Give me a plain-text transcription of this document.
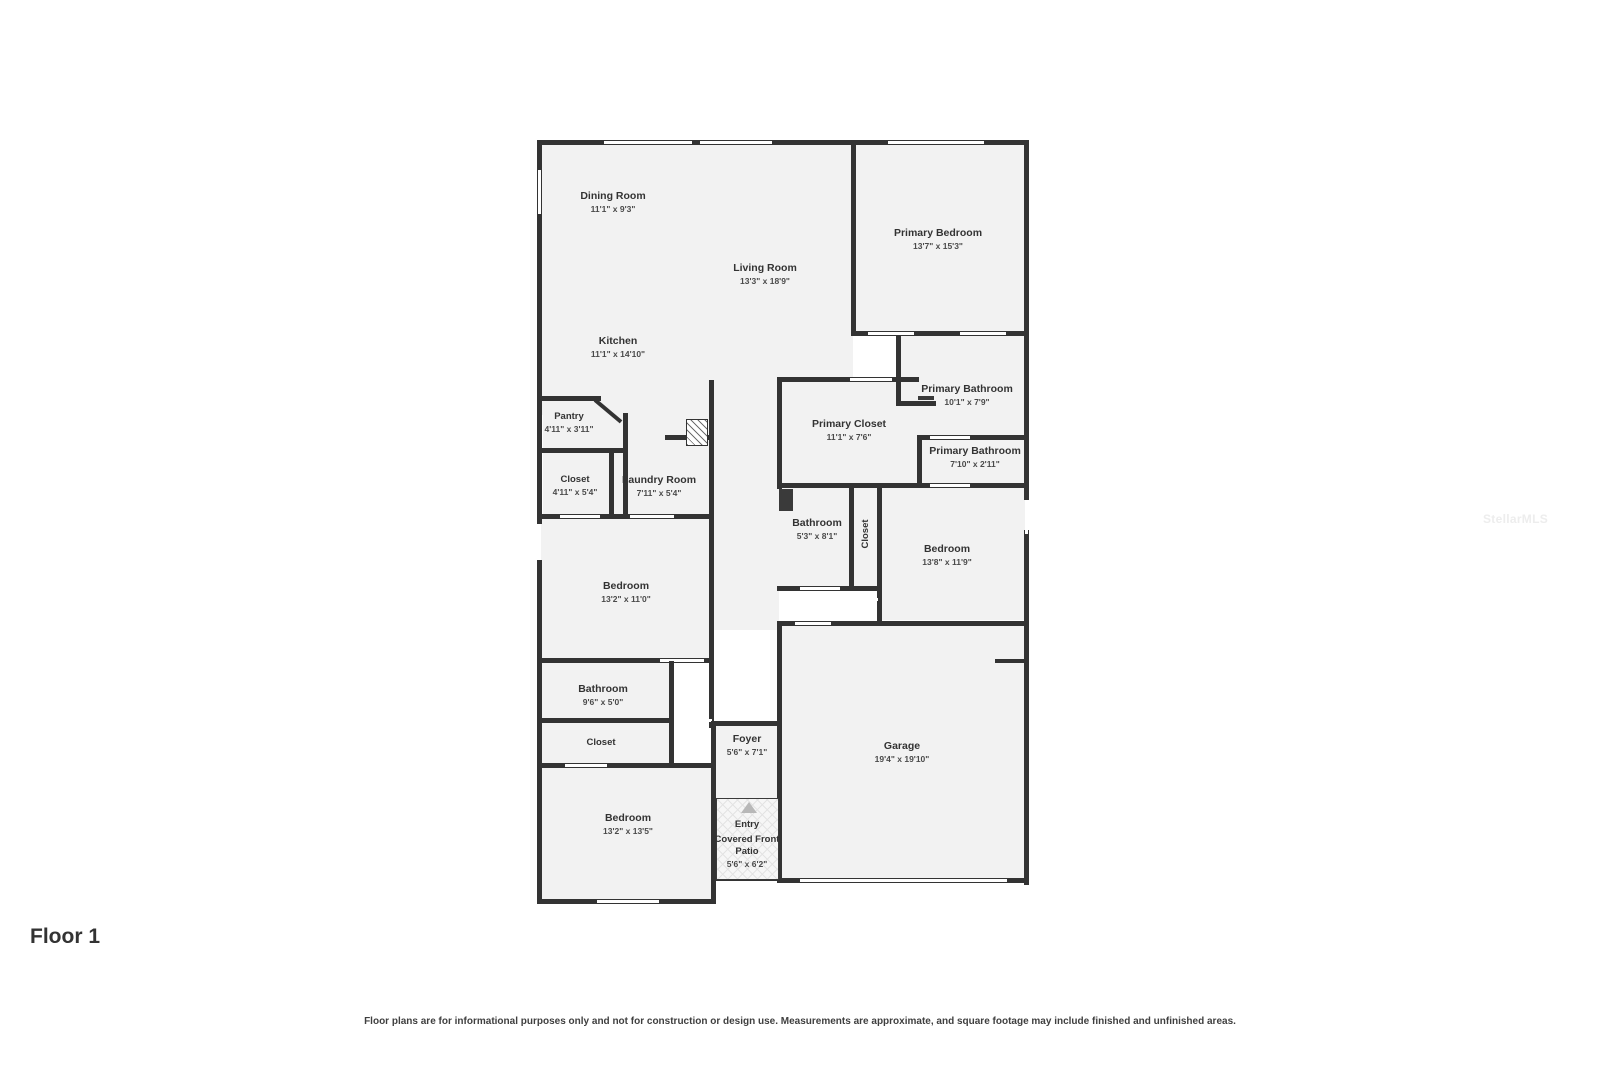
Dining Room
11'1" x 9'3"
Living Room
13'3" x 18'9"
Primary Bedroom
13'7" x 15'3"
Kitchen
11'1" x 14'10"
Primary Bathroom
10'1" x 7'9"
Pantry
4'11" x 3'11"	Primary Closet
11'1" x 7'6"
Primary Bathroom
7'10" x 2'11"
Closet
4'11" x 5'4"
Laundry Room
7'11" x 5'4"
Bathroom
5'3" x 8'1"	Closet
Bedroom
13'8" x 11'9"
Bedroom
13'2" x 11'0"
Bathroom
9'6" x 5'0"
Garage
19'4" x 19'10"
Foyer
5'6" x 7'1"
Closet
Bedroom
13'2" x 13'5"
Entry
Covered Front Patio
5'6" x 6'2"
Floor 1
Floor plans are for informational purposes only and not for construction or design use. Measurements are approximate, and square footage may include finished and unfinished areas.
StellarMLS
